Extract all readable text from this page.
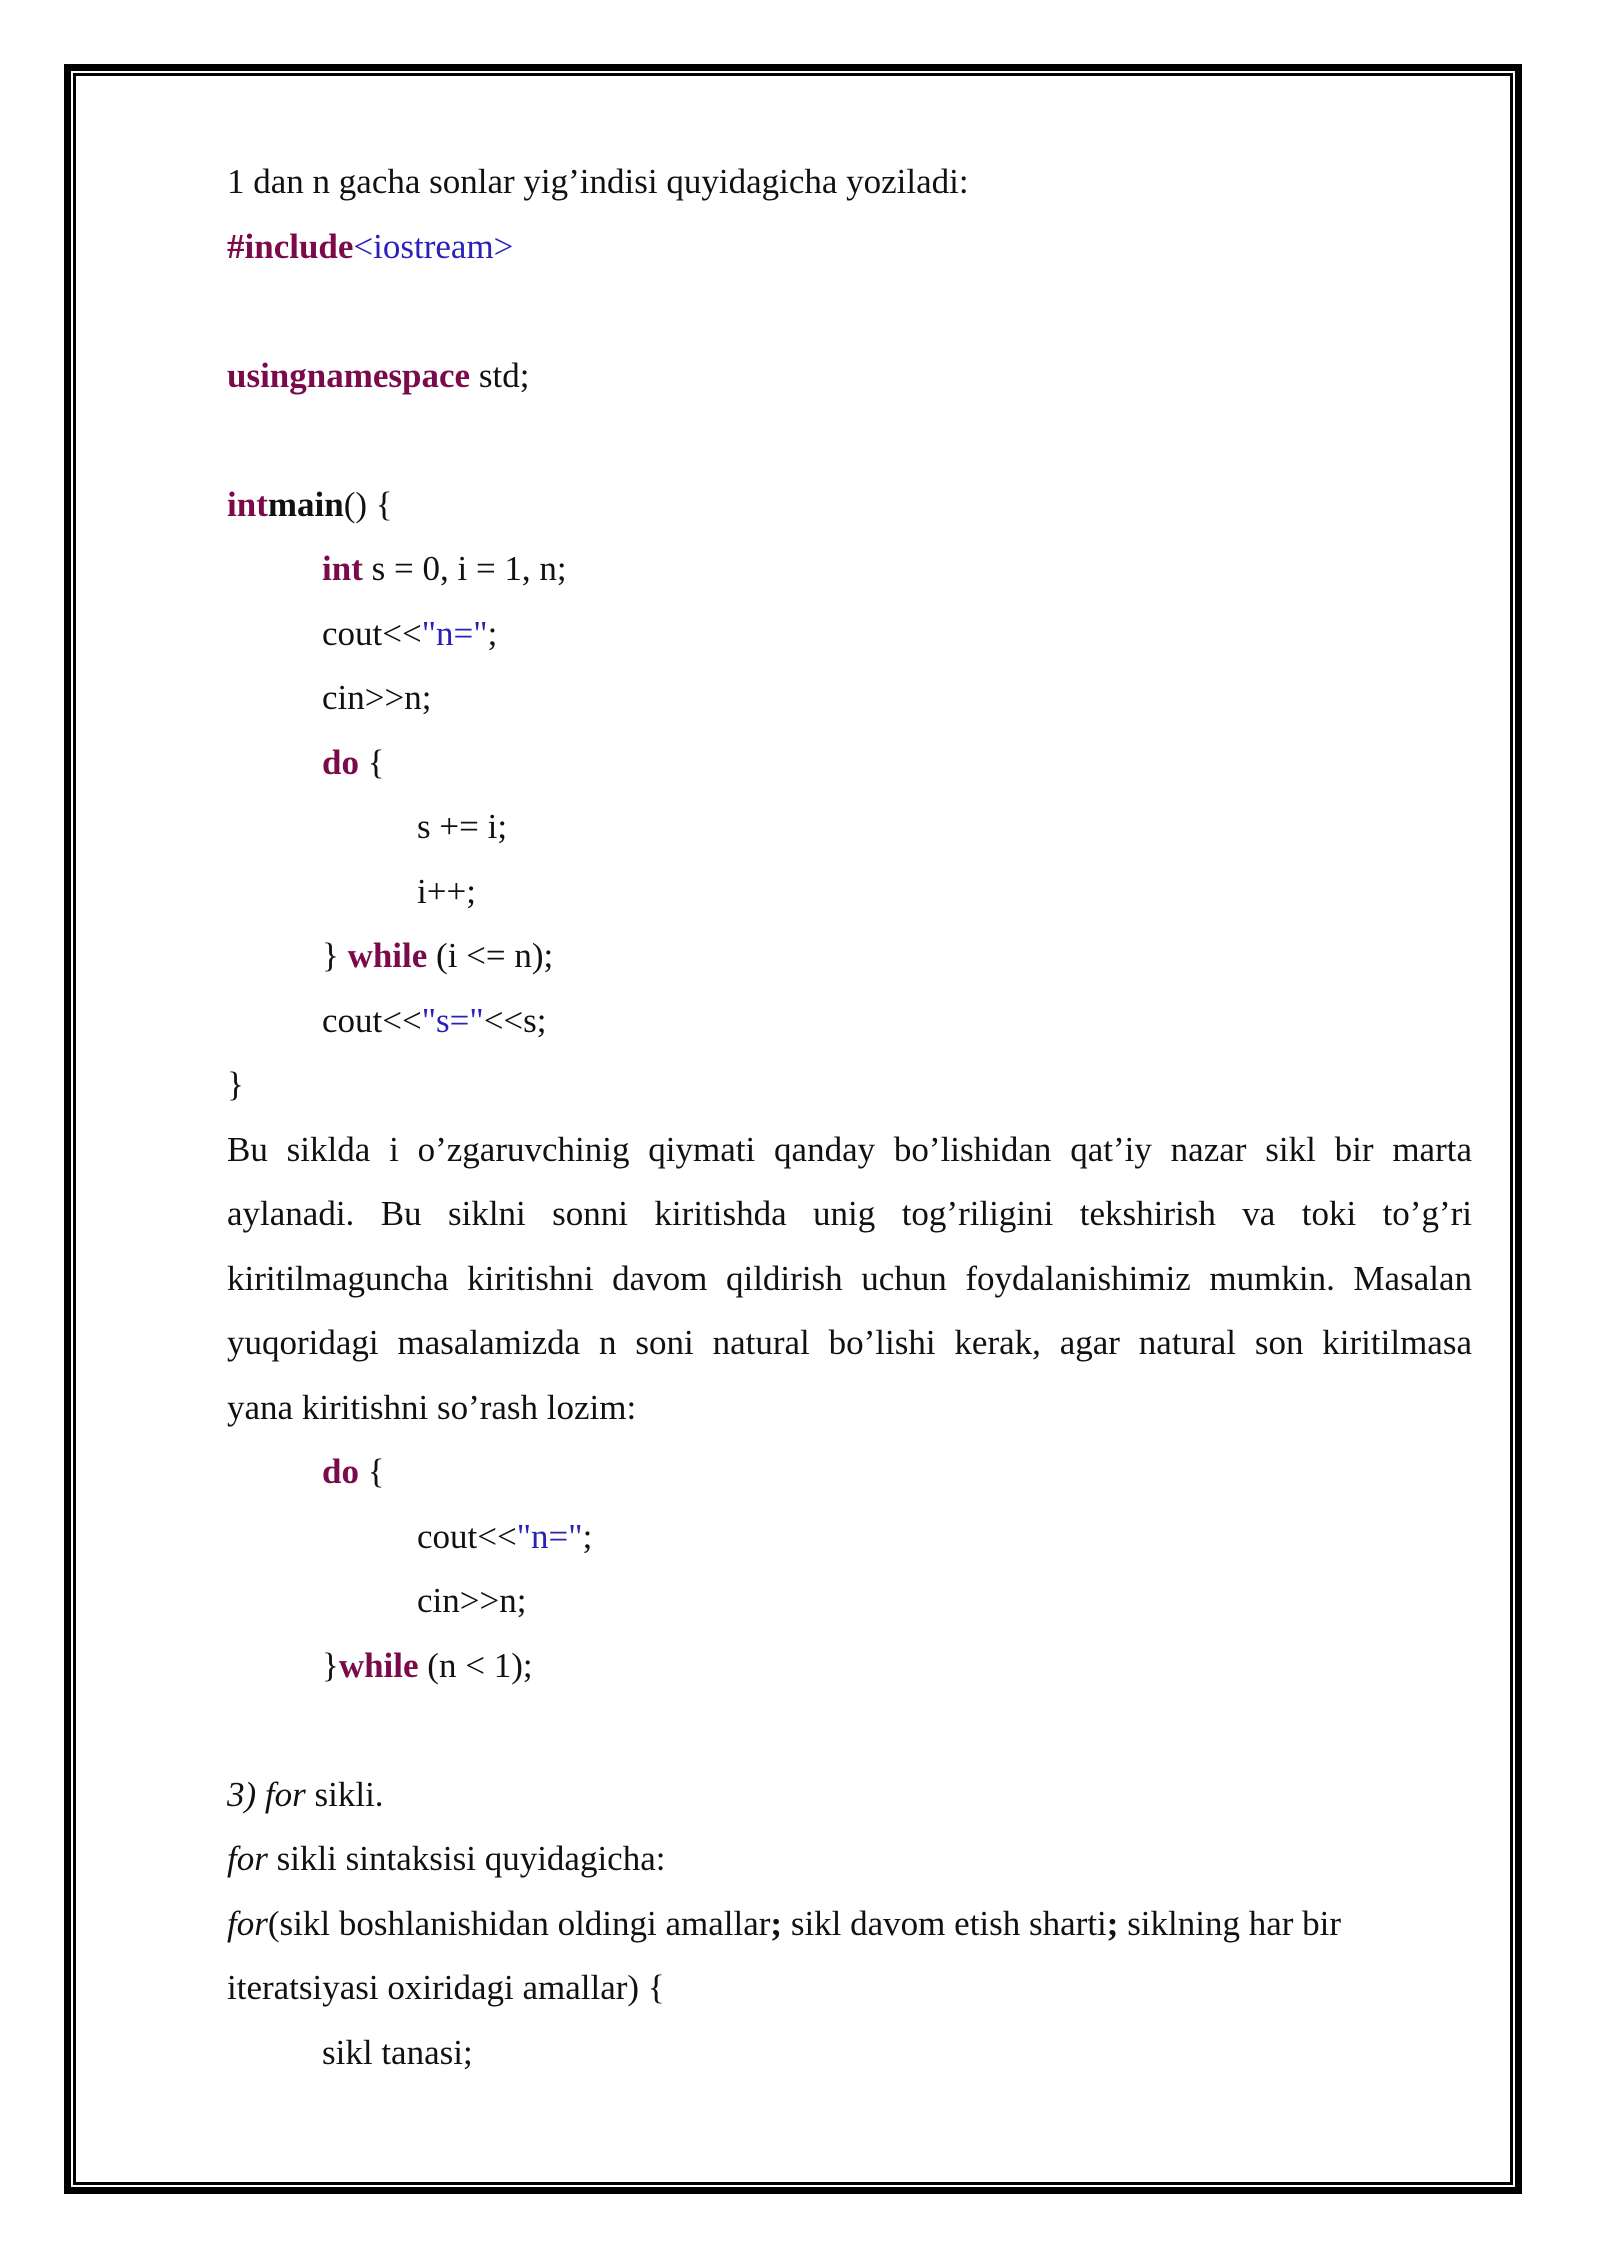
1 dan n gacha sonlar yig’indisi quyidagicha yoziladi:
#include<iostream>
usingnamespace std;
intmain() {
int s = 0, i = 1, n;
cout<<"n=";
cin>>n;
do {
s += i;
i++;
} while (i <= n);
cout<<"s="<<s;
}
Bu siklda i o’zgaruvchinig qiymati qanday bo’lishidan qat’iy nazar sikl bir marta
aylanadi. Bu siklni sonni kiritishda unig tog’riligini tekshirish va toki to’g’ri
kiritilmaguncha kiritishni davom qildirish uchun foydalanishimiz mumkin. Masalan
yuqoridagi masalamizda n soni natural bo’lishi kerak, agar natural son kiritilmasa
yana kiritishni so’rash lozim:
do {
cout<<"n=";
cin>>n;
}while (n < 1);
3) for sikli.
for sikli sintaksisi quyidagicha:
for(sikl boshlanishidan oldingi amallar; sikl davom etish sharti; siklning har bir
iteratsiyasi oxiridagi amallar) {
sikl tanasi;
